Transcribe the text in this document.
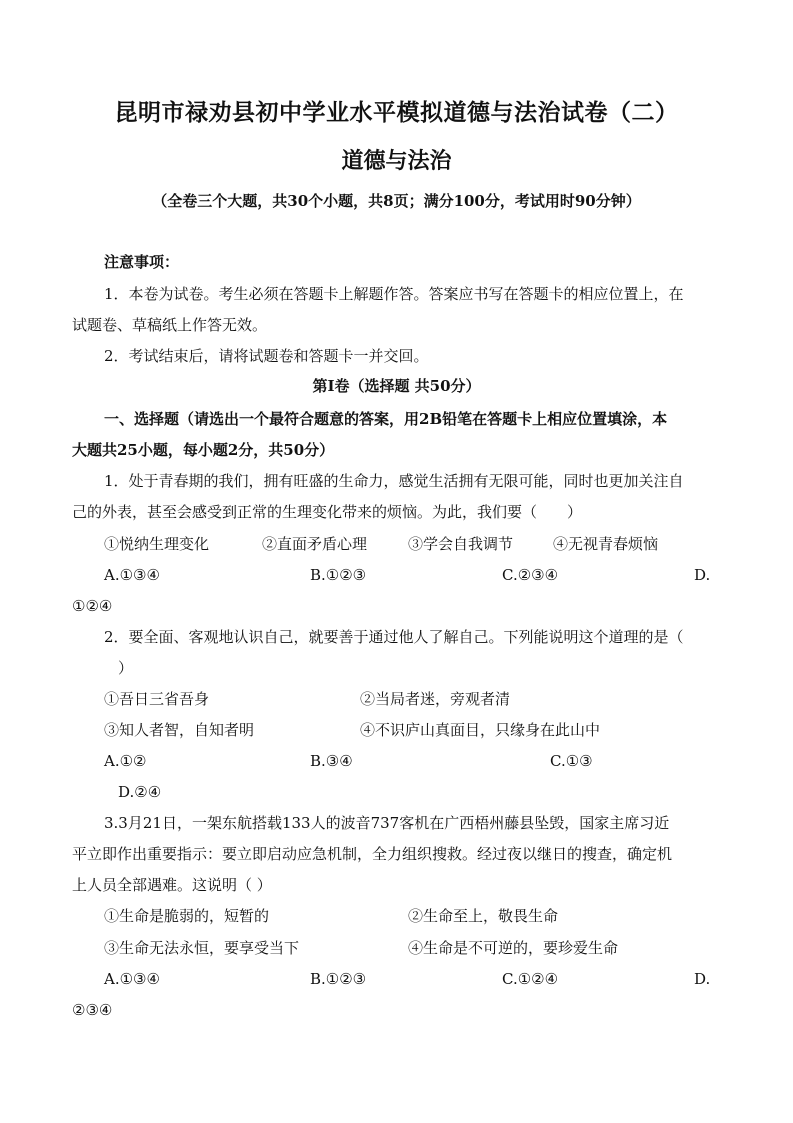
昆明市禄劝县初中学业水平模拟道德与法治试卷（二）
道德与法治
（全卷三个大题，共30个小题，共8页；满分100分，考试用时90分钟）
注意事项：
1．本卷为试卷。考生必须在答题卡上解题作答。答案应书写在答题卡的相应位置上，在
试题卷、草稿纸上作答无效。
2．考试结束后，请将试题卷和答题卡一并交回。
第Ⅰ卷（选择题 共50分）
一、选择题（请选出一个最符合题意的答案，用2B铅笔在答题卡上相应位置填涂，本
大题共25小题，每小题2分，共50分）
1．处于青春期的我们，拥有旺盛的生命力，感觉生活拥有无限可能，同时也更加关注自
己的外表，甚至会感受到正常的生理变化带来的烦恼。为此，我们要（　　）
①悦纳生理变化	②直面矛盾心理	③学会自我调节	④无视青春烦恼
A.①③④	B.①②③	C.②③④	D.
①②④
2．要全面、客观地认识自己，就要善于通过他人了解自己。下列能说明这个道理的是（
）
①吾日三省吾身	②当局者迷，旁观者清
③知人者智，自知者明	④不识庐山真面目，只缘身在此山中
A.①②	B.③④	C.①③
D.②④
3.3月21日，一架东航搭载133人的波音737客机在广西梧州藤县坠毁，国家主席习近
平立即作出重要指示：要立即启动应急机制，全力组织搜救。经过夜以继日的搜查，确定机
上人员全部遇难。这说明（ ）
①生命是脆弱的，短暂的	②生命至上，敬畏生命
③生命无法永恒，要享受当下	④生命是不可逆的，要珍爱生命
A.①③④	B.①②③	C.①②④	D.
②③④
